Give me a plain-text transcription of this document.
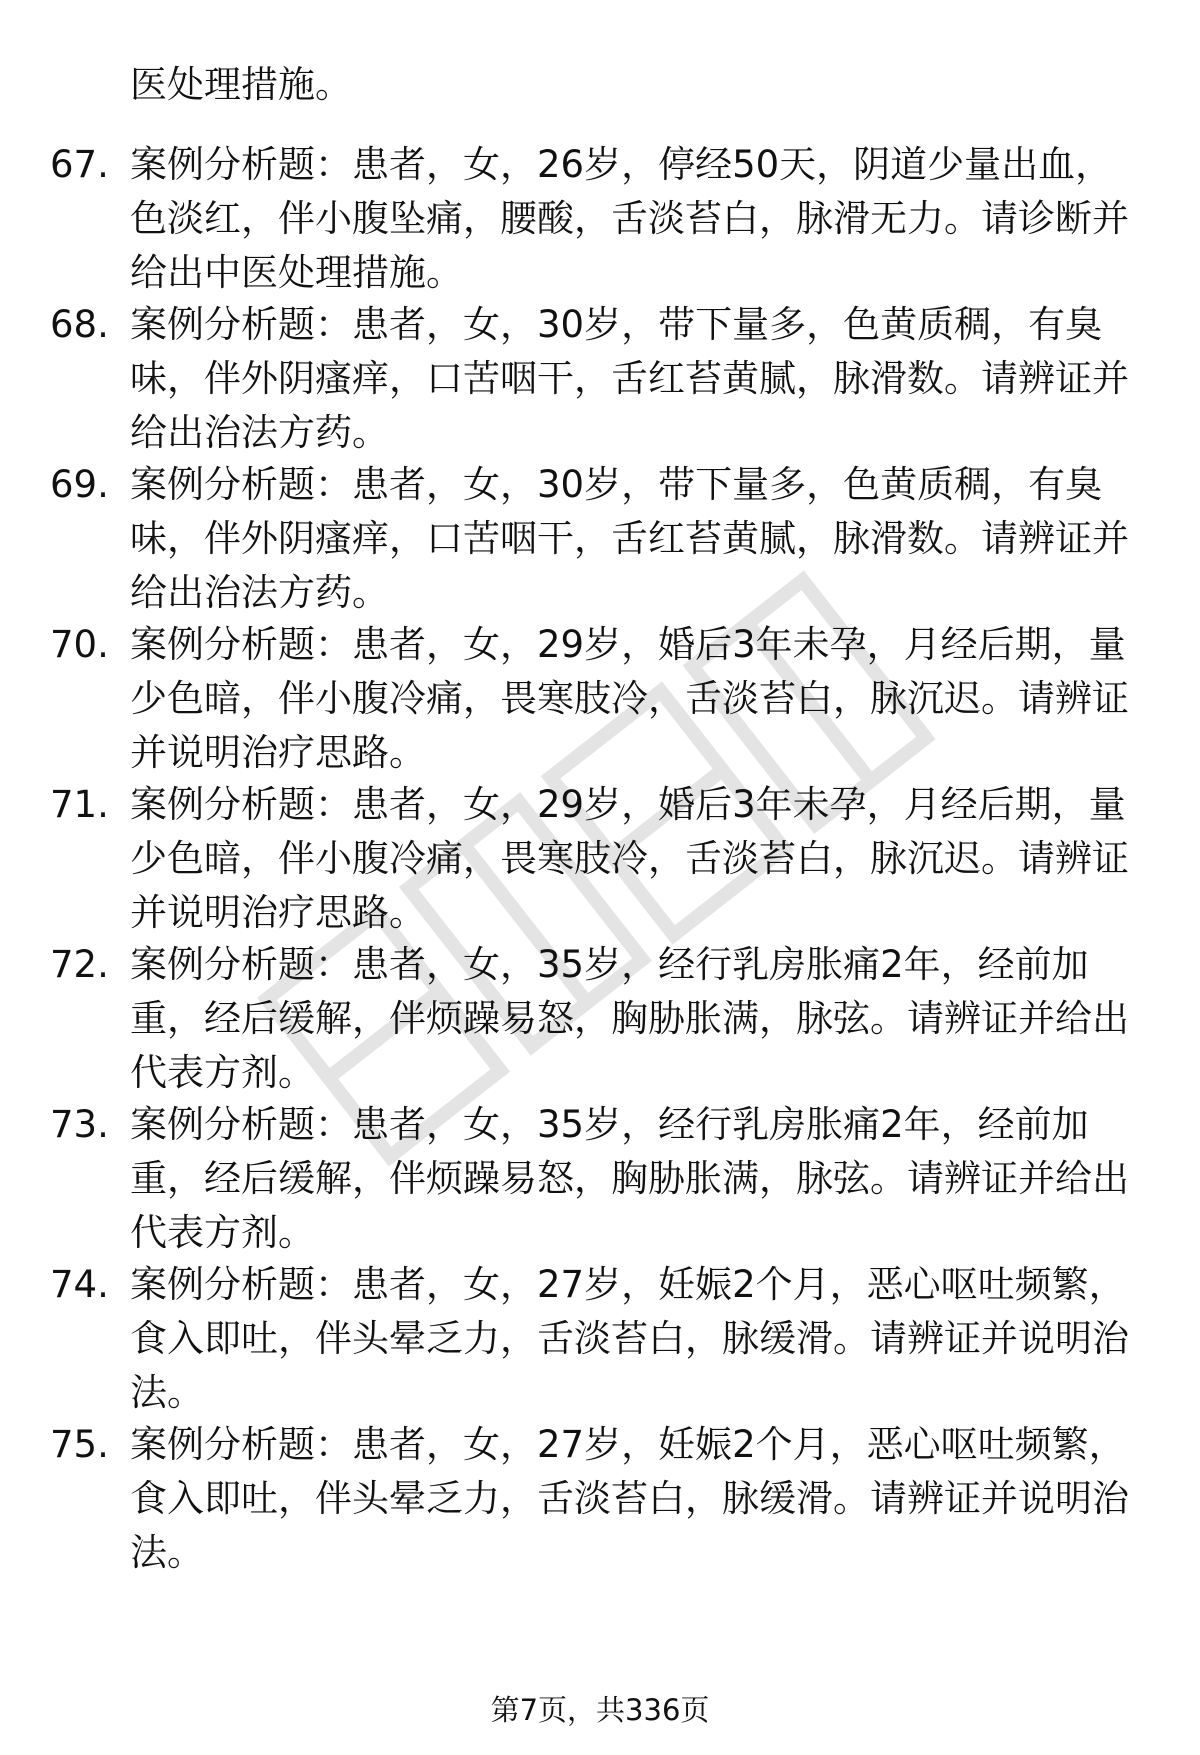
医处理措施。

67. 案例分析题：患者，女，26岁，停经50天，阴道少量出血，色淡红，伴小腹坠痛，腰酸，舌淡苔白，脉滑无力。请诊断并给出中医处理措施。

68. 案例分析题：患者，女，30岁，带下量多，色黄质稠，有臭味，伴外阴瘙痒，口苦咽干，舌红苔黄腻，脉滑数。请辨证并给出治法方药。

69. 案例分析题：患者，女，30岁，带下量多，色黄质稠，有臭味，伴外阴瘙痒，口苦咽干，舌红苔黄腻，脉滑数。请辨证并给出治法方药。

70. 案例分析题：患者，女，29岁，婚后3年未孕，月经后期，量少色暗，伴小腹冷痛，畏寒肢冷，舌淡苔白，脉沉迟。请辨证并说明治疗思路。

71. 案例分析题：患者，女，29岁，婚后3年未孕，月经后期，量少色暗，伴小腹冷痛，畏寒肢冷，舌淡苔白，脉沉迟。请辨证并说明治疗思路。

72. 案例分析题：患者，女，35岁，经行乳房胀痛2年，经前加重，经后缓解，伴烦躁易怒，胸胁胀满，脉弦。请辨证并给出代表方剂。

73. 案例分析题：患者，女，35岁，经行乳房胀痛2年，经前加重，经后缓解，伴烦躁易怒，胸胁胀满，脉弦。请辨证并给出代表方剂。

74. 案例分析题：患者，女，27岁，妊娠2个月，恶心呕吐频繁，食入即吐，伴头晕乏力，舌淡苔白，脉缓滑。请辨证并说明治法。

75. 案例分析题：患者，女，27岁，妊娠2个月，恶心呕吐频繁，食入即吐，伴头晕乏力，舌淡苔白，脉缓滑。请辨证并说明治法。

第7页，共336页
